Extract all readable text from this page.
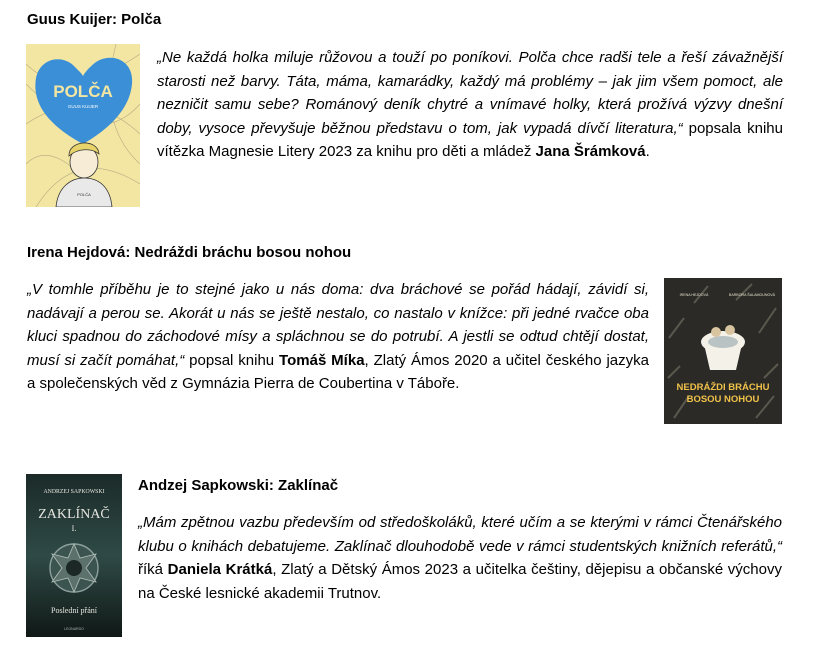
Guus Kuijer: Polča
POLČA
GUUS KUIJER
POLČA
„Ne každá holka miluje růžovou a touží po poníkovi. Polča chce radši tele a řeší závažnější starosti než barvy. Táta, máma, kamarádky, každý má problémy – jak jim všem pomoct, ale nezničit samu sebe? Románový deník chytré a vnímavé holky, která prožívá výzvy dnešní doby, vysoce převyšuje běžnou představu o tom, jak vypadá dívčí literatura,“ popsala knihu vítězka Magnesie Litery 2023 za knihu pro děti a mládež Jana Šrámková.
Irena Hejdová: Nedráždi bráchu bosou nohou
„V tomhle příběhu je to stejné jako u nás doma: dva bráchové se pořád hádají, závidí si, nadávají a perou se. Akorát u nás se ještě nestalo, co nastalo v knížce: při jedné rvačce oba kluci spadnou do záchodové mísy a spláchnou se do potrubí. A jestli se odtud chtějí dostat, musí si začít pomáhat,“ popsal knihu Tomáš Míka, Zlatý Ámos 2020 a učitel českého jazyka a společenských věd z Gymnázia Pierra de Coubertina v Táboře.
IRENA HEJDOVÁ	BARBORA ŠALAMOUNOVÁ
NEDRÁŽDI BRÁCHU
BOSOU NOHOU
ANDRZEJ SAPKOWSKI
ZAKLÍNAČ
I.
Poslední přání
LEONARDO
Andzej Sapkowski: Zaklínač
„Mám zpětnou vazbu především od středoškoláků, které učím a se kterými v rámci Čtenářského klubu o knihách debatujeme. Zaklínač dlouhodobě vede v rámci studentských knižních referátů,“ říká Daniela Krátká, Zlatý a Dětský Ámos 2023 a učitelka češtiny, dějepisu a občanské výchovy na České lesnické akademii Trutnov.
